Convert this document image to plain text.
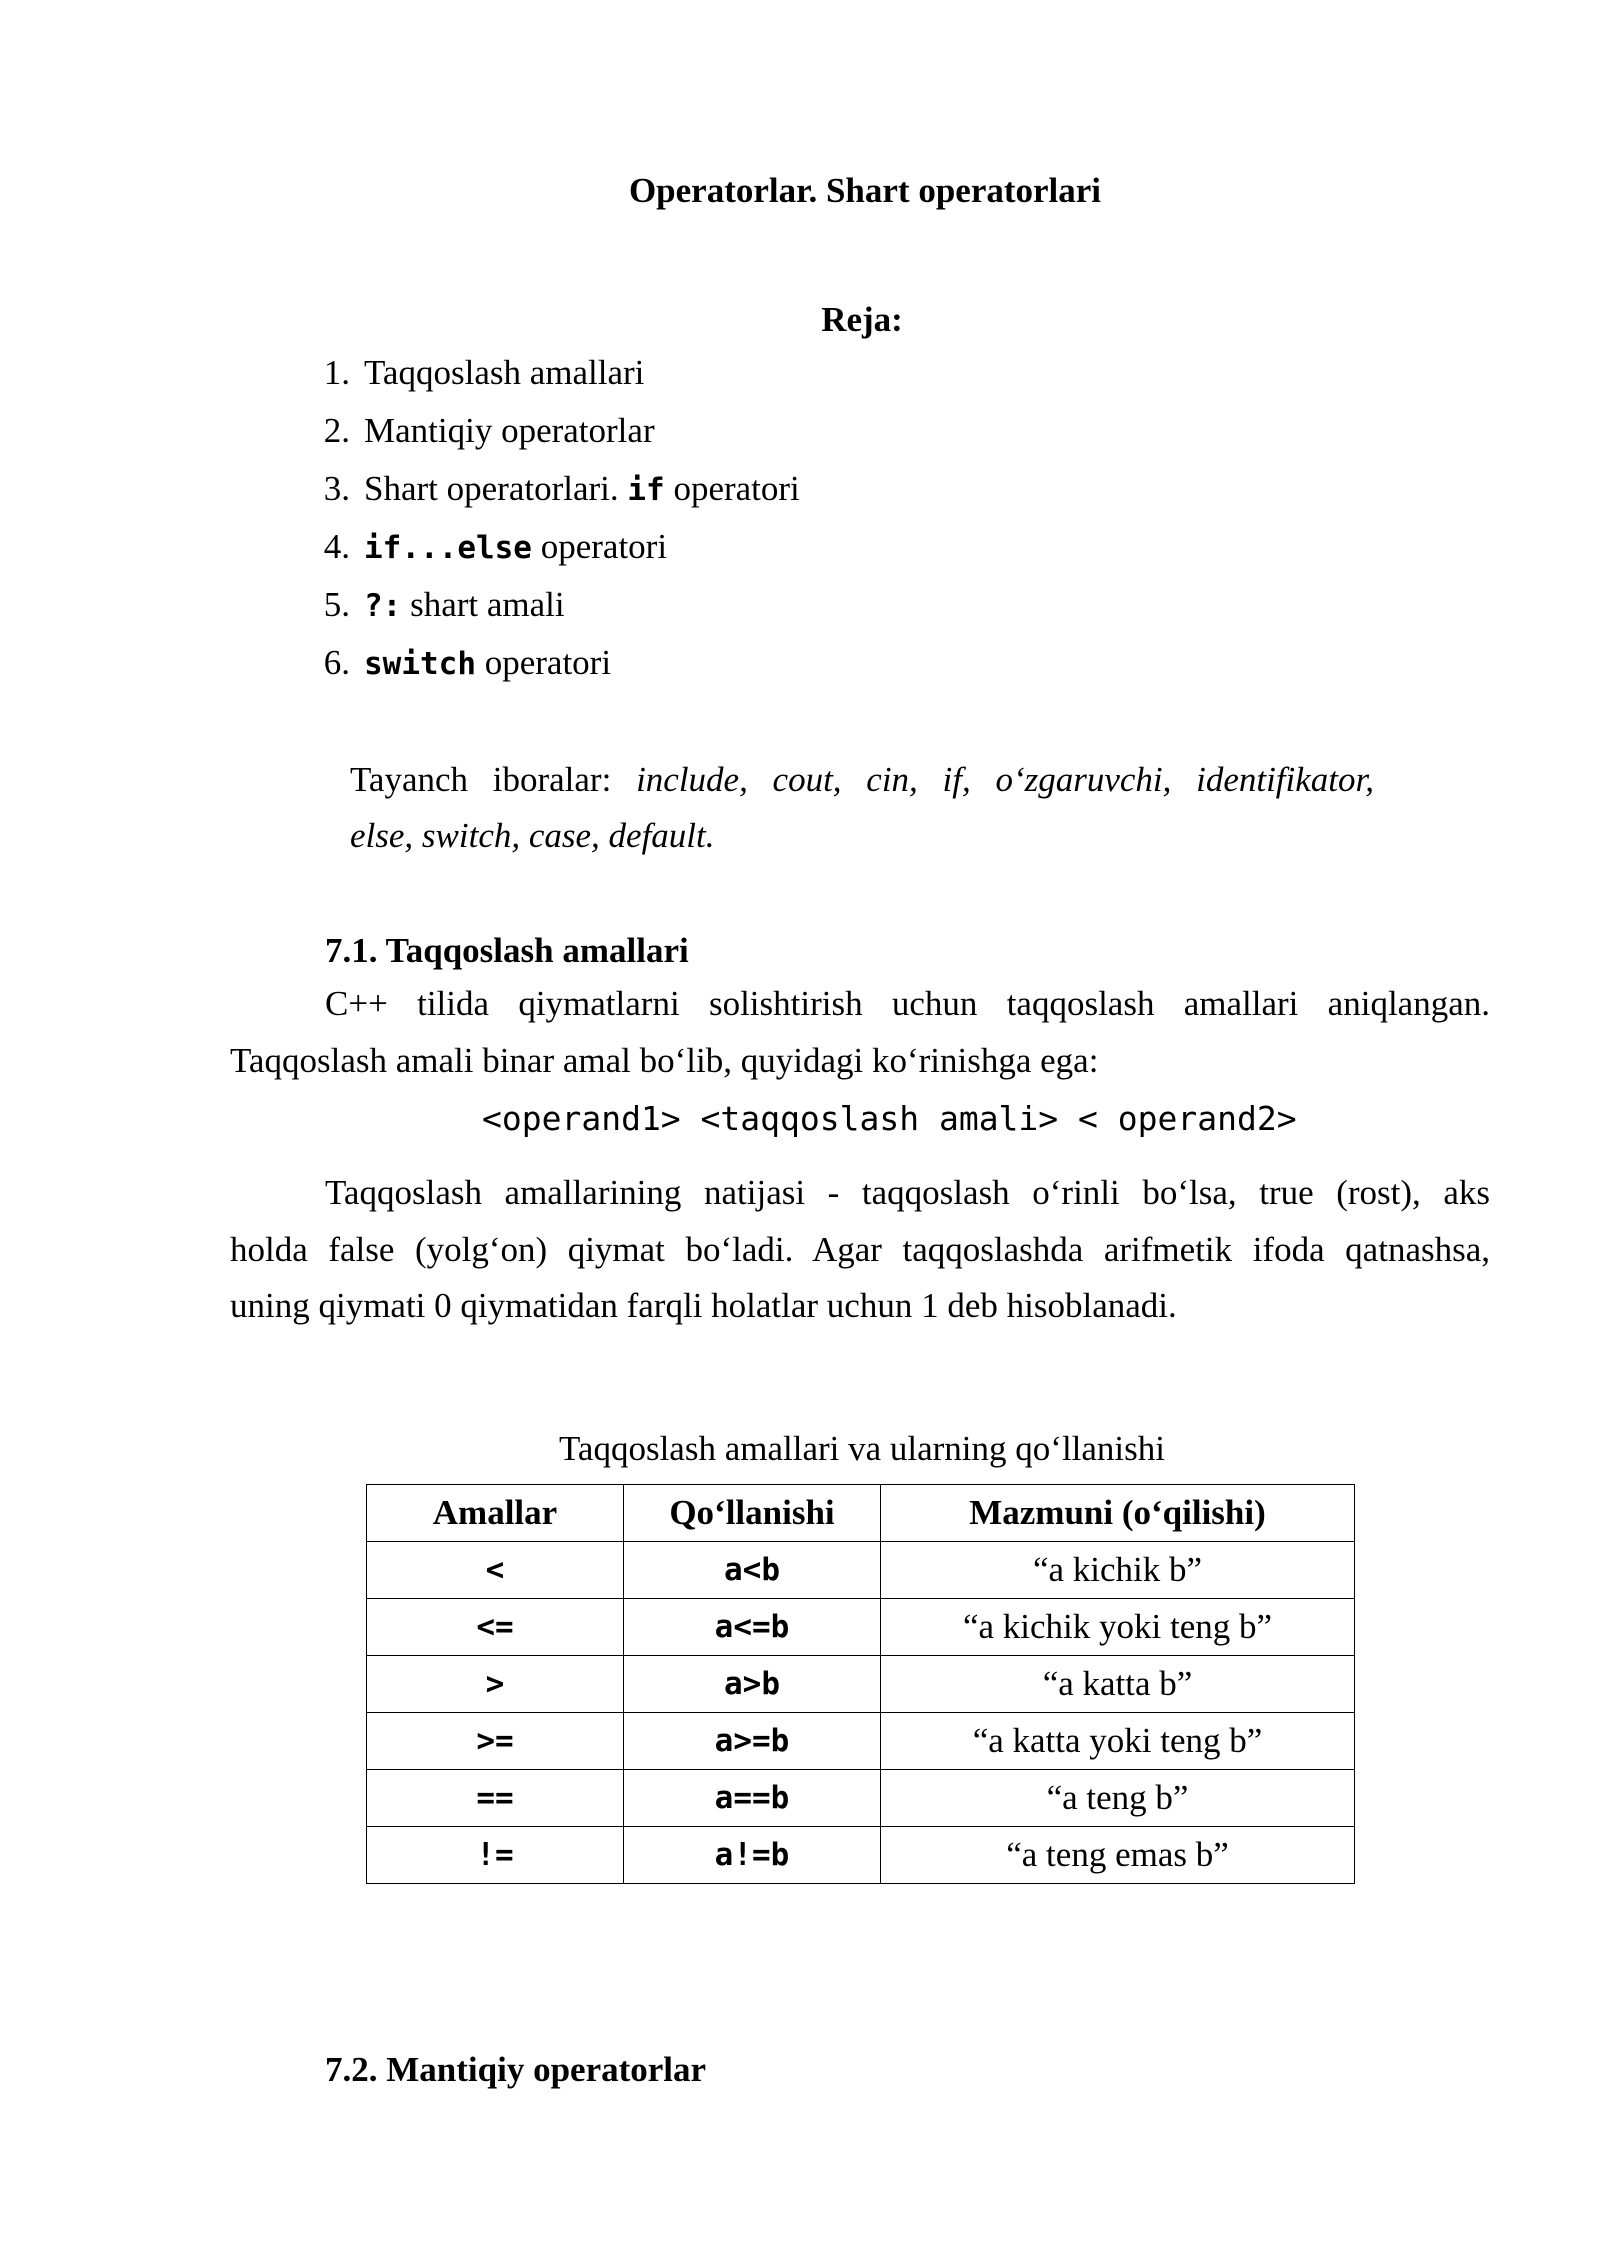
Operatorlar. Shart operatorlari
Reja:
1. Taqqoslash amallari
2. Mantiqiy operatorlar
3. Shart operatorlari. if operatori
4. if...else operatori
5. ?: shart amali
6. switch operatori
Tayanch iboralar: include, cout, cin, if, o‘zgaruvchi, identifikator,
else, switch, case, default.
7.1. Taqqoslash amallari
C++ tilida qiymatlarni solishtirish uchun taqqoslash amallari aniqlangan.
Taqqoslash amali binar amal bo‘lib, quyidagi ko‘rinishga ega:
<operand1> <taqqoslash amali> < operand2>
Taqqoslash amallarining natijasi - taqqoslash o‘rinli bo‘lsa, true (rost), aks
holda false (yolg‘on) qiymat bo‘ladi. Agar taqqoslashda arifmetik ifoda qatnashsa,
uning qiymati 0 qiymatidan farqli holatlar uchun 1 deb hisoblanadi.
Taqqoslash amallari va ularning qo‘llanishi
Amallar	Qo‘llanishi	Mazmuni (o‘qilishi)
<	a<b	“a kichik b”
<=	a<=b	“a kichik yoki teng b”
>	a>b	“a katta b”
>=	a>=b	“a katta yoki teng b”
==	a==b	“a teng b”
!=	a!=b	“a teng emas b”
7.2. Mantiqiy operatorlar
